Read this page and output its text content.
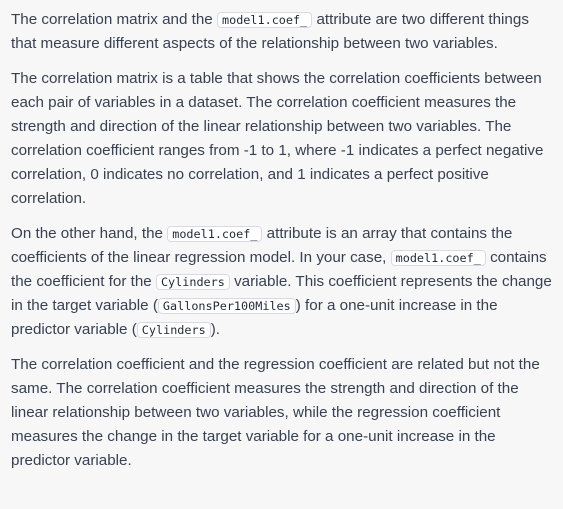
The correlation matrix and the model1.coef_ attribute are two different things that measure different aspects of the relationship between two variables.

The correlation matrix is a table that shows the correlation coefficients between each pair of variables in a dataset. The correlation coefficient measures the strength and direction of the linear relationship between two variables. The correlation coefficient ranges from -1 to 1, where -1 indicates a perfect negative correlation, 0 indicates no correlation, and 1 indicates a perfect positive correlation.

On the other hand, the model1.coef_ attribute is an array that contains the coefficients of the linear regression model. In your case, model1.coef_ contains the coefficient for the Cylinders variable. This coefficient represents the change in the target variable ( GallonsPer100Miles ) for a one-unit increase in the predictor variable ( Cylinders ).

The correlation coefficient and the regression coefficient are related but not the same. The correlation coefficient measures the strength and direction of the linear relationship between two variables, while the regression coefficient measures the change in the target variable for a one-unit increase in the predictor variable.
